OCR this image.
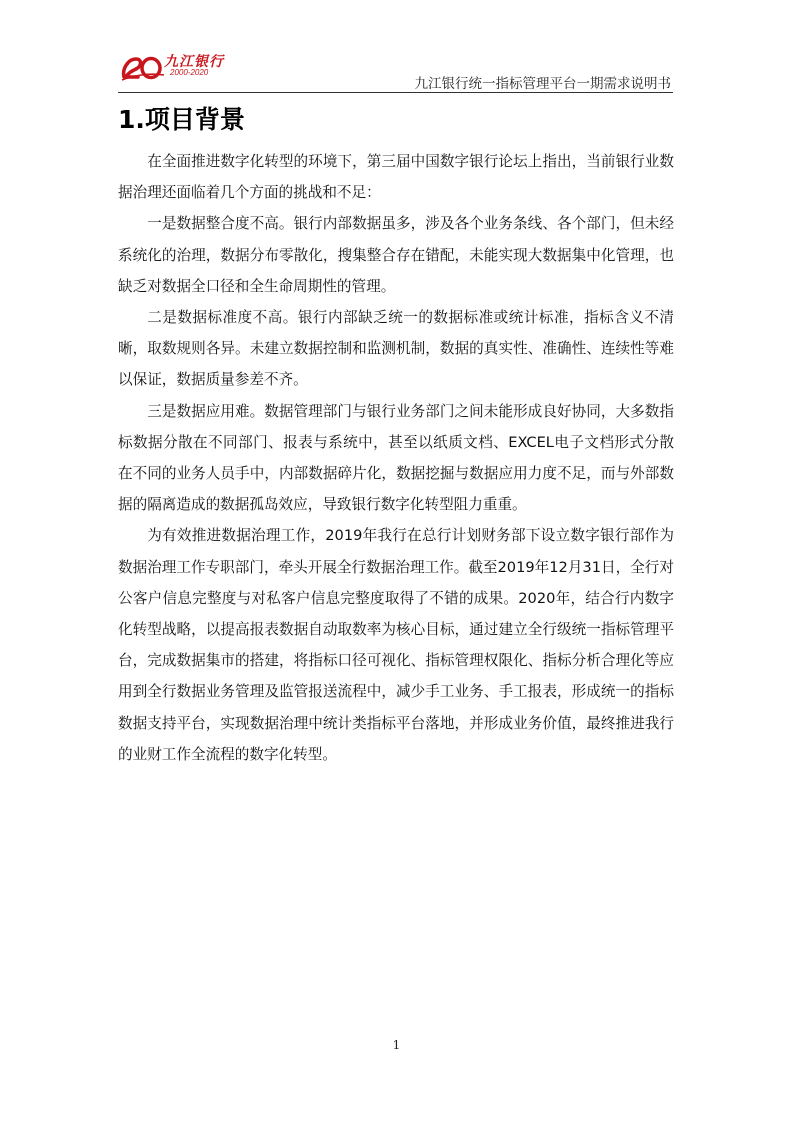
九江银行
2000-2020
九江银行统一指标管理平台一期需求说明书
1.项目背景

在全面推进数字化转型的环境下，第三届中国数字银行论坛上指出，当前银行业数据治理还面临着几个方面的挑战和不足：

一是数据整合度不高。银行内部数据虽多，涉及各个业务条线、各个部门，但未经系统化的治理，数据分布零散化，搜集整合存在错配，未能实现大数据集中化管理，也缺乏对数据全口径和全生命周期性的管理。

二是数据标准度不高。银行内部缺乏统一的数据标准或统计标准，指标含义不清晰，取数规则各异。未建立数据控制和监测机制，数据的真实性、准确性、连续性等难以保证，数据质量参差不齐。

三是数据应用难。数据管理部门与银行业务部门之间未能形成良好协同，大多数指标数据分散在不同部门、报表与系统中，甚至以纸质文档、EXCEL电子文档形式分散在不同的业务人员手中，内部数据碎片化，数据挖掘与数据应用力度不足，而与外部数据的隔离造成的数据孤岛效应，导致银行数字化转型阻力重重。

为有效推进数据治理工作，2019年我行在总行计划财务部下设立数字银行部作为数据治理工作专职部门，牵头开展全行数据治理工作。截至2019年12月31日，全行对公客户信息完整度与对私客户信息完整度取得了不错的成果。2020年，结合行内数字化转型战略，以提高报表数据自动取数率为核心目标，通过建立全行级统一指标管理平台，完成数据集市的搭建，将指标口径可视化、指标管理权限化、指标分析合理化等应用到全行数据业务管理及监管报送流程中，减少手工业务、手工报表，形成统一的指标数据支持平台，实现数据治理中统计类指标平台落地，并形成业务价值，最终推进我行的业财工作全流程的数字化转型。

1
